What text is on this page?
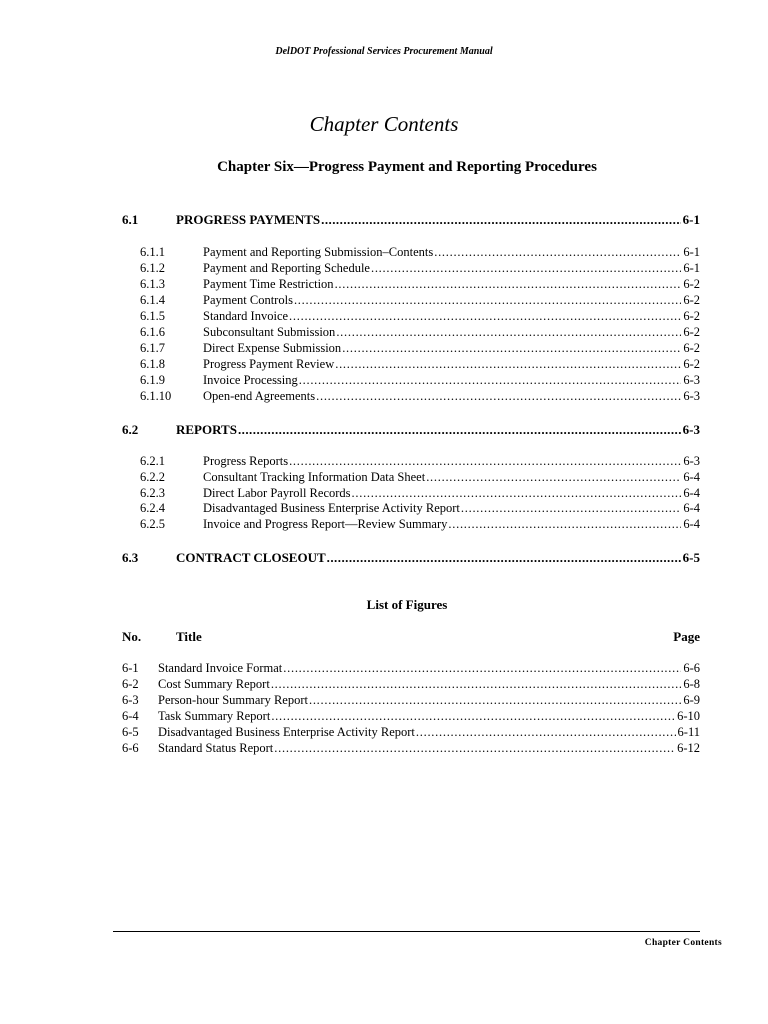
DelDOT Professional Services Procurement Manual
Chapter Contents
Chapter Six—Progress Payment and Reporting Procedures
6.1	PROGRESS PAYMENTS . . .	6-1
6.1.1	Payment and Reporting Submission–Contents . . .	6-1
6.1.2	Payment and Reporting Schedule . . .	6-1
6.1.3	Payment Time Restriction . . .	6-2
6.1.4	Payment Controls . . .	6-2
6.1.5	Standard Invoice . . .	6-2
6.1.6	Subconsultant Submission . . .	6-2
6.1.7	Direct Expense Submission . . .	6-2
6.1.8	Progress Payment Review . . .	6-2
6.1.9	Invoice Processing . . .	6-3
6.1.10	Open-end Agreements . . .	6-3
6.2	REPORTS . . .	6-3
6.2.1	Progress Reports . . .	6-3
6.2.2	Consultant Tracking Information Data Sheet . . .	6-4
6.2.3	Direct Labor Payroll Records . . .	6-4
6.2.4	Disadvantaged Business Enterprise Activity Report . . .	6-4
6.2.5	Invoice and Progress Report—Review Summary . . .	6-4
6.3	CONTRACT CLOSEOUT . . .	6-5
List of Figures
No.	Title	Page
6-1 Standard Invoice Format . . .	6-6
6-2 Cost Summary Report . . .	6-8
6-3 Person-hour Summary Report . . .	6-9
6-4 Task Summary Report . . .	6-10
6-5 Disadvantaged Business Enterprise Activity Report . . .	6-11
6-6 Standard Status Report . . .	6-12
Chapter Contents
